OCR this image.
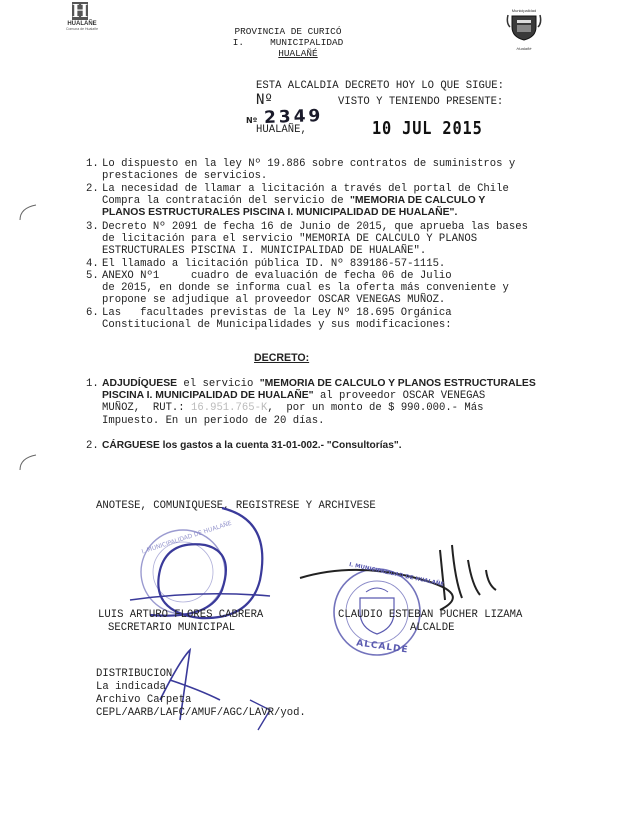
H
HUALAÑE
Comuna de Hualañe
Municipalidad
Hualañé
PROVINCIA DE CURICÓ
I.	MUNICIPALIDAD
HUALAÑÉ
ESTA ALCALDIA DECRETO HOY LO QUE SIGUE:
Nº	VISTO Y TENIENDO PRESENTE:
2349
Nº
HUALAÑE,	10 JUL 2015
1. Lo dispuesto en la ley Nº 19.886 sobre contratos de suministros y
prestaciones de servicios.
2. La necesidad de llamar a licitación a través del portal de Chile
Compra la contratación del servicio de "MEMORIA DE CALCULO Y
PLANOS ESTRUCTURALES PISCINA I. MUNICIPALIDAD DE HUALAÑE".
3. Decreto Nº 2091 de fecha 16 de Junio de 2015, que aprueba las bases
de licitación para el servicio "MEMORIA DE CALCULO Y PLANOS
ESTRUCTURALES PISCINA I. MUNICIPALIDAD DE HUALAÑE".
4. El llamado a licitación pública ID. Nº 839186-57-1115.
5. ANEXO Nº1     cuadro de evaluación de fecha 06 de Julio
de 2015, en donde se informa cual es la oferta más conveniente y
propone se adjudique al proveedor OSCAR VENEGAS MUÑOZ.
6. Las   facultades previstas de la Ley Nº 18.695 Orgánica
Constitucional de Municipalidades y sus modificaciones:
DECRETO:
1. ADJUDÍQUESE el servicio "MEMORIA DE CALCULO Y PLANOS ESTRUCTURALES
PISCINA I. MUNICIPALIDAD DE HUALAÑE" al proveedor OSCAR VENEGAS
MUÑOZ,  RUT.: 16.951.765-K,  por un monto de $ 990.000.- Más
Impuesto. En un periodo de 20 días.
2. CÁRGUESE los gastos a la cuenta 31-01-002.- "Consultorías".
ANOTESE, COMUNIQUESE, REGISTRESE Y ARCHIVESE
I. MUNICIPALIDAD DE HUALAÑE
I. MUNICIPALIDAD DE HUALAÑE
ALCALDE
LUIS ARTURO FLORES CABRERA
SECRETARIO MUNICIPAL
CLAUDIO ESTEBAN PUCHER LIZAMA
ALCALDE
DISTRIBUCION
La indicada
Archivo Carpeta
CEPL/AARB/LAFC/AMUF/AGC/LAVR/yod.
